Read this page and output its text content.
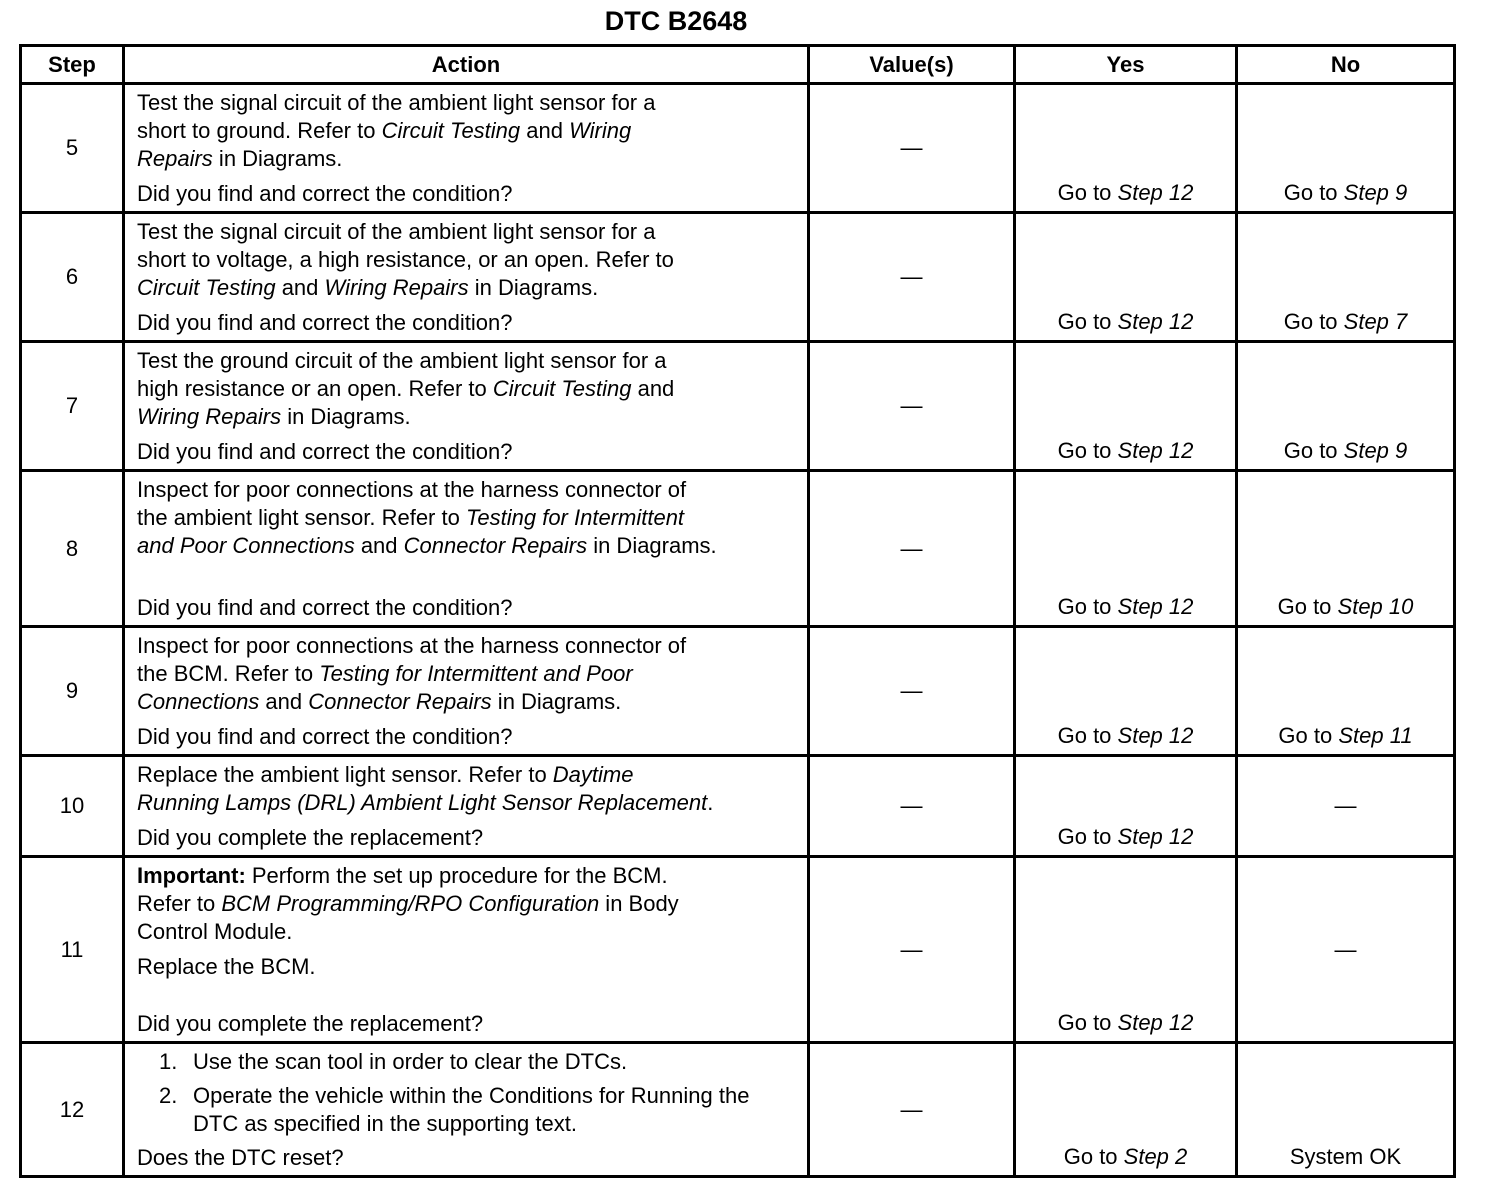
DTC B2648
Step	Action	Value(s)	Yes	No
5	Test the signal circuit of the ambient light sensor for a
short to ground. Refer to Circuit Testing and Wiring
Repairs in Diagrams.
Did you find and correct the condition?	—	Go to Step 12	Go to Step 9
6	Test the signal circuit of the ambient light sensor for a
short to voltage, a high resistance, or an open. Refer to
Circuit Testing and Wiring Repairs in Diagrams.
Did you find and correct the condition?	—	Go to Step 12	Go to Step 7
7	Test the ground circuit of the ambient light sensor for a
high resistance or an open. Refer to Circuit Testing and
Wiring Repairs in Diagrams.
Did you find and correct the condition?	—	Go to Step 12	Go to Step 9
8	Inspect for poor connections at the harness connector of
the ambient light sensor. Refer to Testing for Intermittent
and Poor Connections and Connector Repairs in Diagrams.
Did you find and correct the condition?	—	Go to Step 12	Go to Step 10
9	Inspect for poor connections at the harness connector of
the BCM. Refer to Testing for Intermittent and Poor
Connections and Connector Repairs in Diagrams.
Did you find and correct the condition?	—	Go to Step 12	Go to Step 11
10	Replace the ambient light sensor. Refer to Daytime
Running Lamps (DRL) Ambient Light Sensor Replacement.
Did you complete the replacement?	—	Go to Step 12	—
11	Important: Perform the set up procedure for the BCM.
Refer to BCM Programming/RPO Configuration in Body
Control Module.
Replace the BCM.
Did you complete the replacement?	—	Go to Step 12	—
12	1. Use the scan tool in order to clear the DTCs.
2. Operate the vehicle within the Conditions for Running the DTC as specified in the supporting text.
Does the DTC reset?	—	Go to Step 2	System OK
